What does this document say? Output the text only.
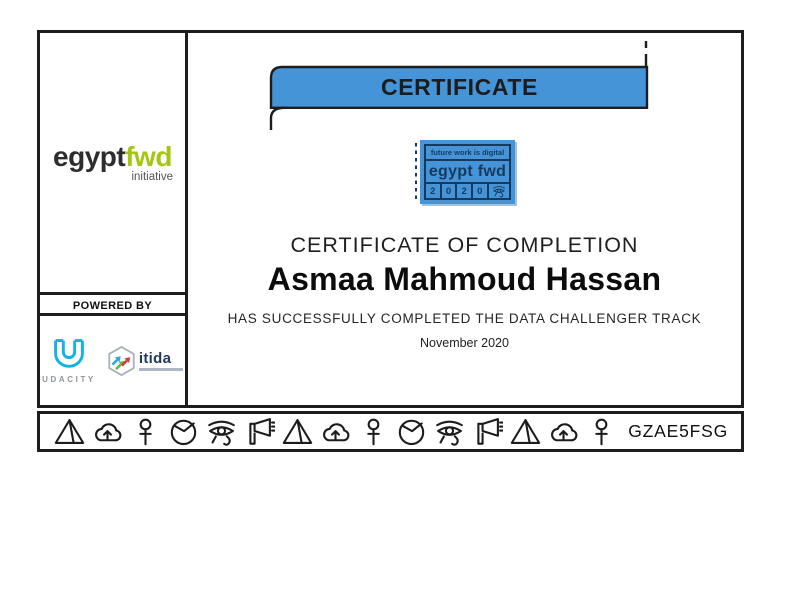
egyptfwd
initiative
POWERED BY
UDACITY
itida
CERTIFICATE
future work is digital
egypt fwd
2	0	2	0
CERTIFICATE OF COMPLETION
Asmaa Mahmoud Hassan
HAS SUCCESSFULLY COMPLETED THE DATA CHALLENGER TRACK
November 2020
GZAE5FSG
